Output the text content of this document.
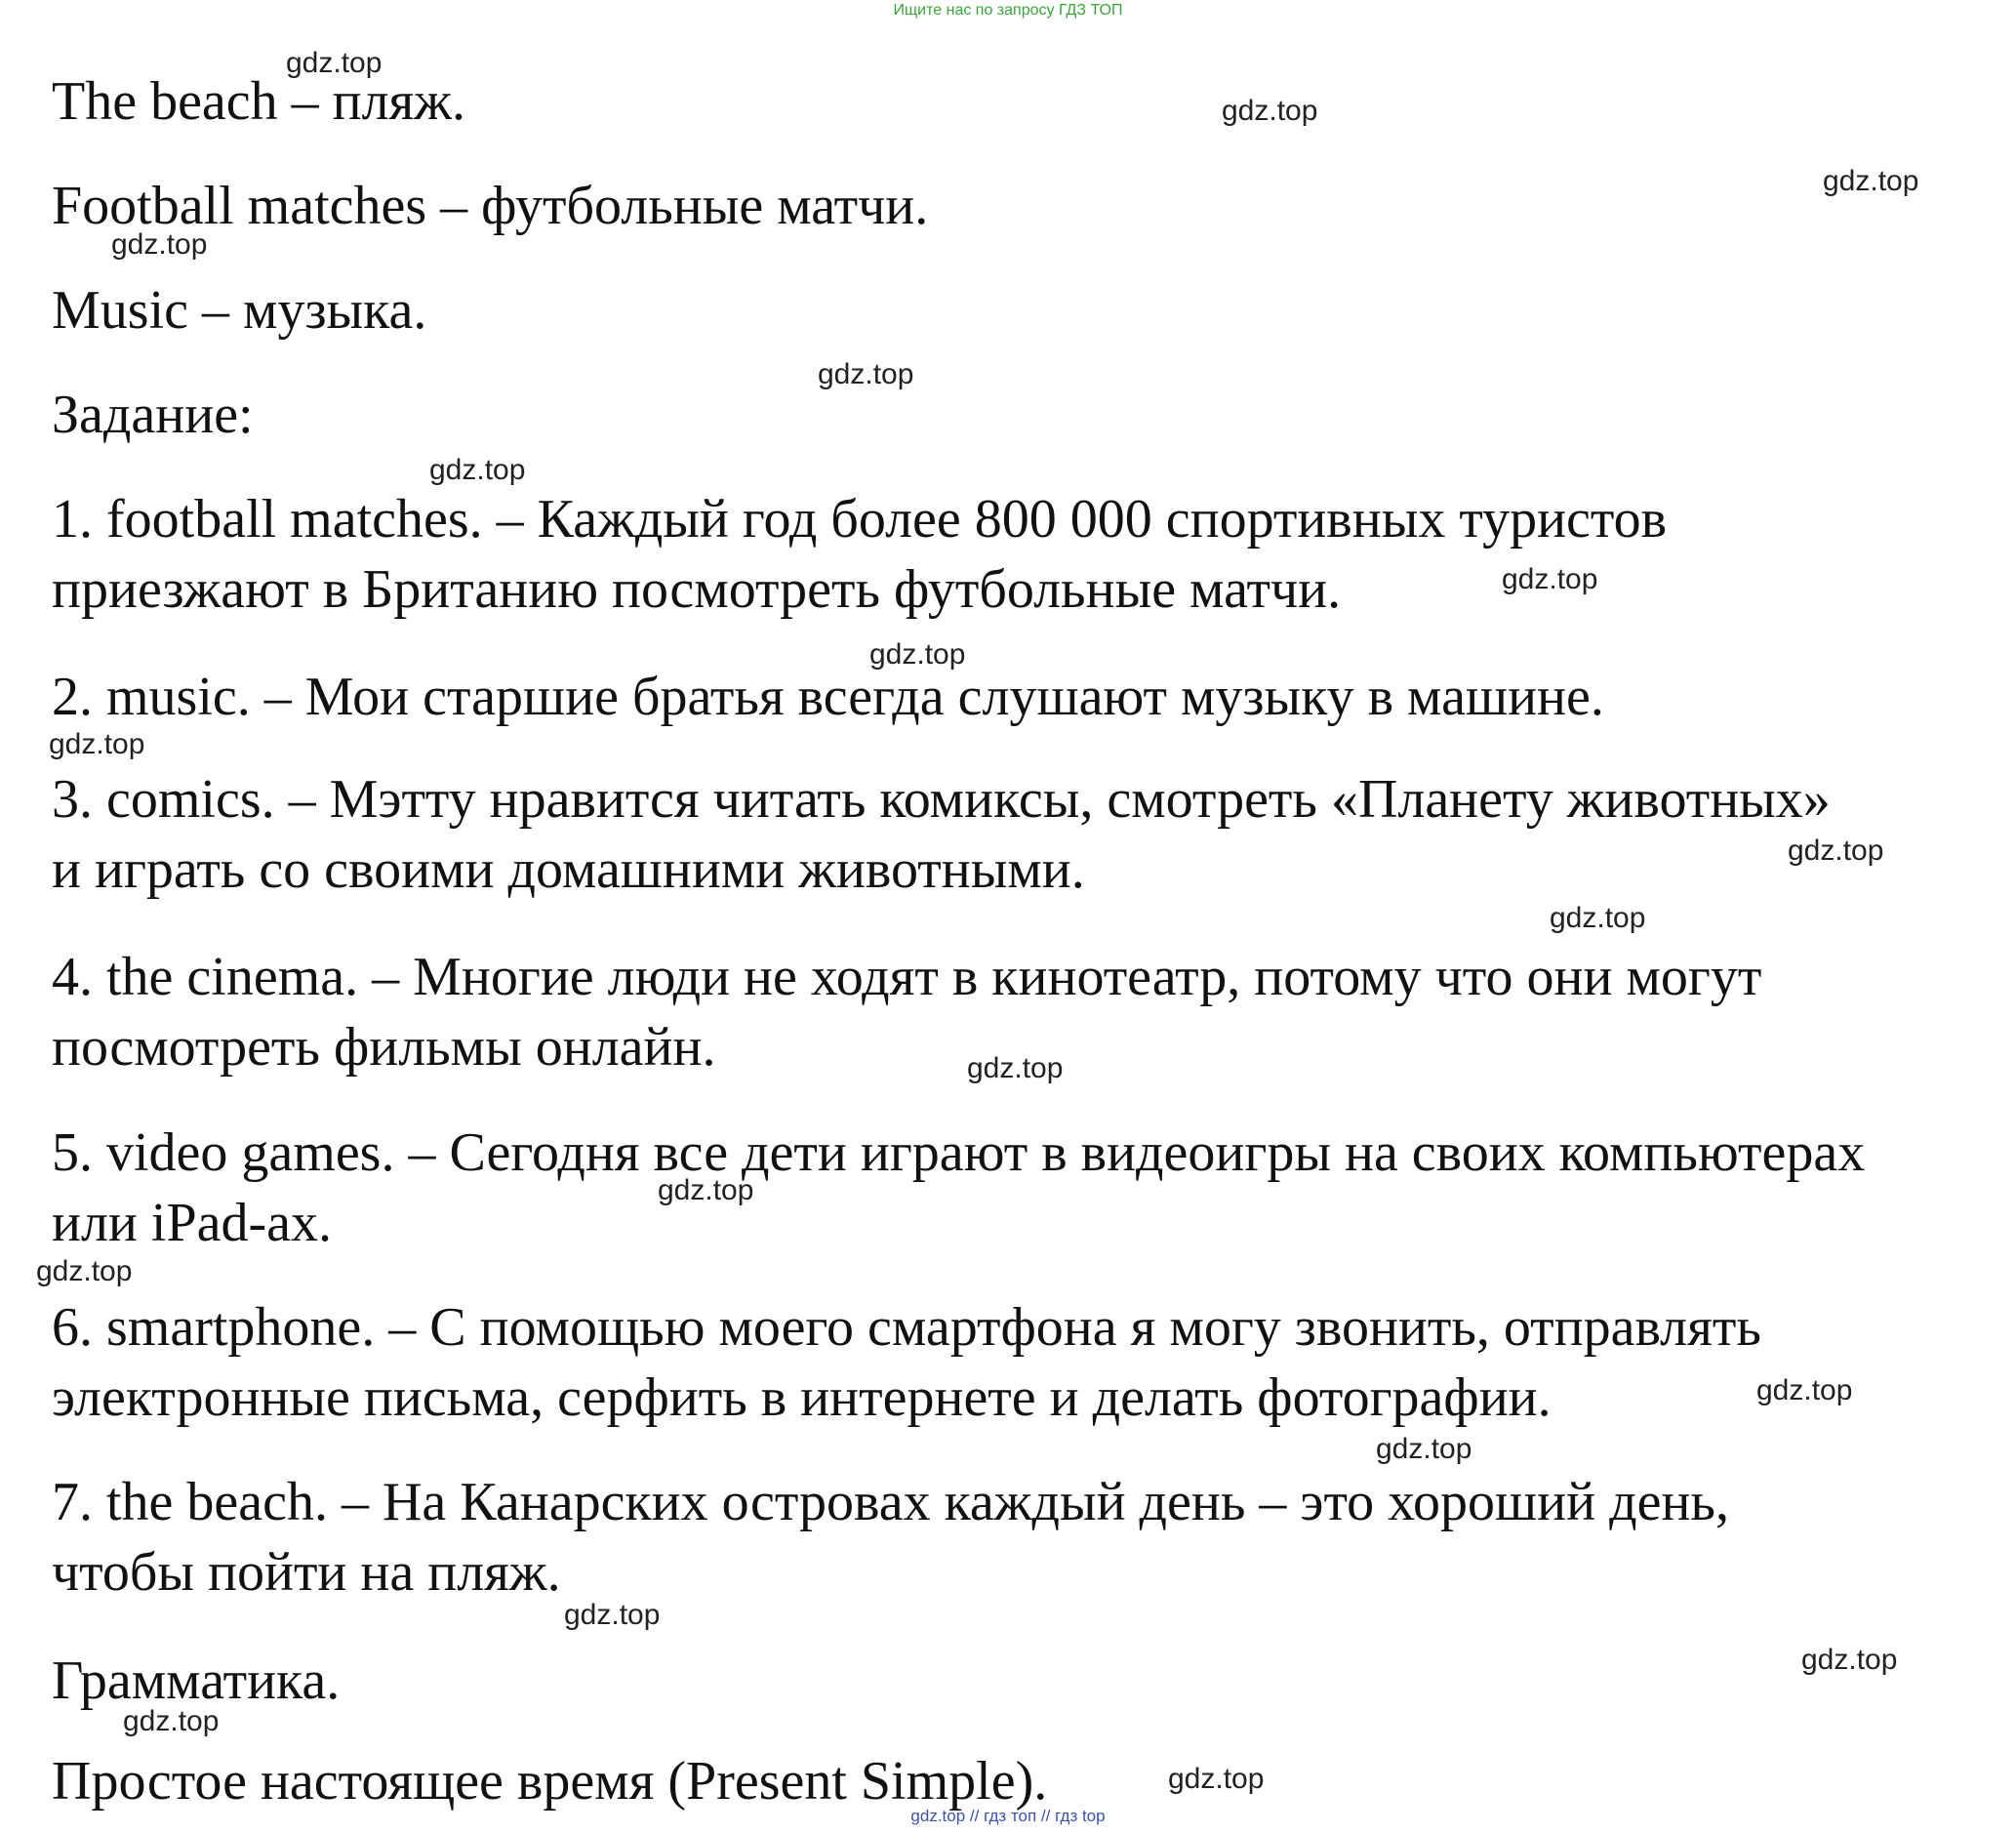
Ищите нас по запросу ГДЗ ТОП
The beach – пляж.
Football matches – футбольные матчи.
Music – музыка.
Задание:
1. football matches. – Каждый год более 800 000 спортивных туристов
приезжают в Британию посмотреть футбольные матчи.
2. music. – Мои старшие братья всегда слушают музыку в машине.
3. comics. – Мэтту нравится читать комиксы, смотреть «Планету животных»
и играть со своими домашними животными.
4. the cinema. – Многие люди не ходят в кинотеатр, потому что они могут
посмотреть фильмы онлайн.
5. video games. – Сегодня все дети играют в видеоигры на своих компьютерах
или iPad-ах.
6. smartphone. – С помощью моего смартфона я могу звонить, отправлять
электронные письма, серфить в интернете и делать фотографии.
7. the beach. – На Канарских островах каждый день – это хороший день,
чтобы пойти на пляж.
Грамматика.
Простое настоящее время (Present Simple).
gdz.top
gdz.top
gdz.top
gdz.top
gdz.top
gdz.top
gdz.top
gdz.top
gdz.top
gdz.top
gdz.top
gdz.top
gdz.top
gdz.top
gdz.top
gdz.top
gdz.top
gdz.top
gdz.top
gdz.top
gdz.top // гдз топ // гдз top
